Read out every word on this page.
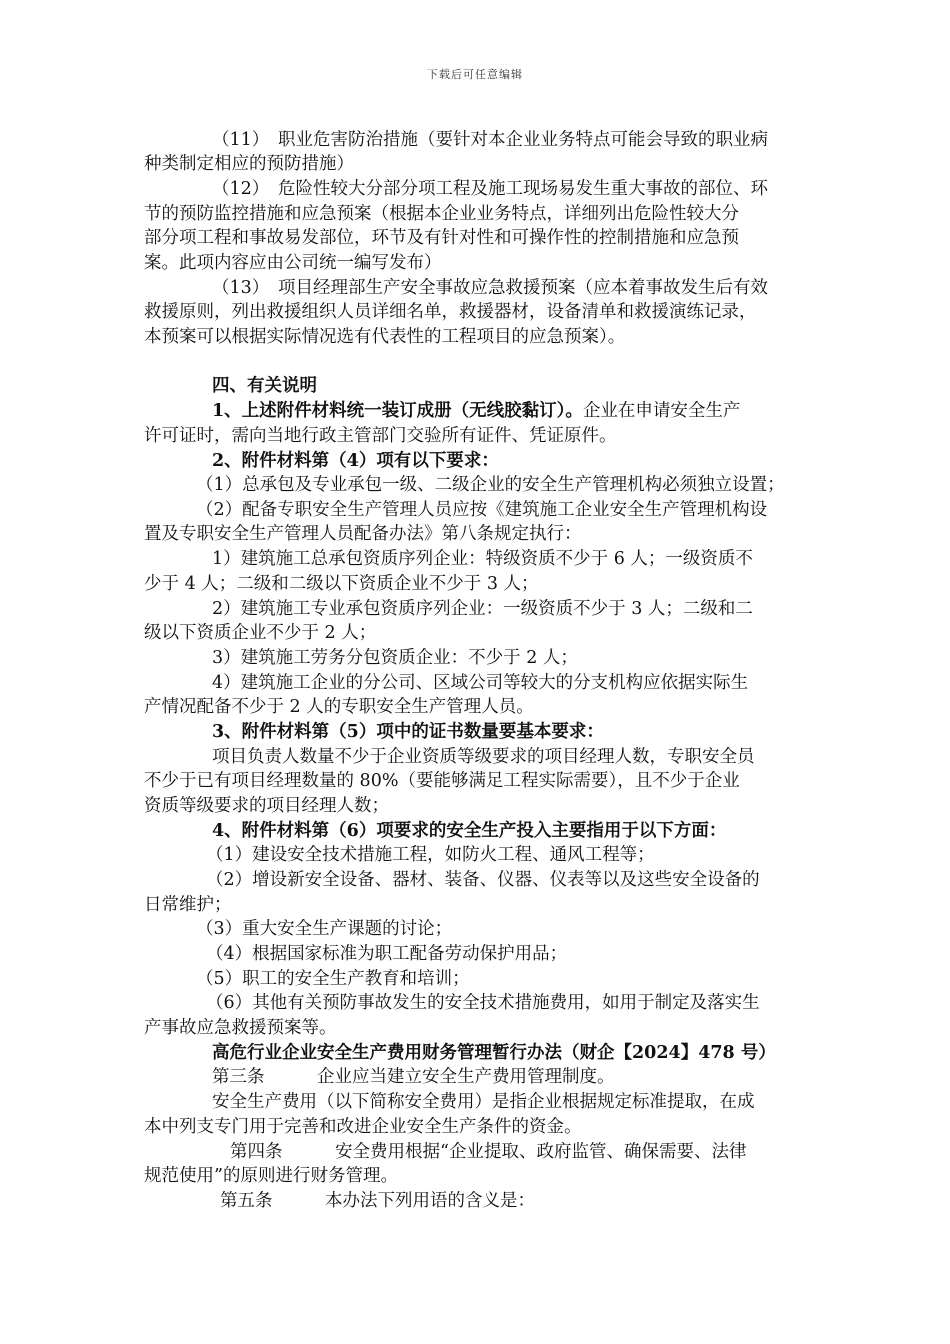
下载后可任意编辑
（11）　职业危害防治措施（要针对本企业业务特点可能会导致的职业病
种类制定相应的预防措施）
（12）　危险性较大分部分项工程及施工现场易发生重大事故的部位、环
节的预防监控措施和应急预案（根据本企业业务特点，详细列出危险性较大分
部分项工程和事故易发部位，环节及有针对性和可操作性的控制措施和应急预
案。此项内容应由公司统一编写发布）
（13）　项目经理部生产安全事故应急救援预案（应本着事故发生后有效
救援原则，列出救援组织人员详细名单，救援器材，设备清单和救援演练记录，
本预案可以根据实际情况选有代表性的工程项目的应急预案）。
四、有关说明
1、上述附件材料统一装订成册（无线胶黏订）。企业在申请安全生产
许可证时，需向当地行政主管部门交验所有证件、凭证原件。
2、附件材料第（4）项有以下要求：
（1）总承包及专业承包一级、二级企业的安全生产管理机构必须独立设置；
（2）配备专职安全生产管理人员应按《建筑施工企业安全生产管理机构设
置及专职安全生产管理人员配备办法》第八条规定执行：
1）建筑施工总承包资质序列企业：特级资质不少于 6 人；一级资质不
少于 4 人；二级和二级以下资质企业不少于 3 人；
2）建筑施工专业承包资质序列企业：一级资质不少于 3 人；二级和二
级以下资质企业不少于 2 人；
3）建筑施工劳务分包资质企业：不少于 2 人；
4）建筑施工企业的分公司、区域公司等较大的分支机构应依据实际生
产情况配备不少于 2 人的专职安全生产管理人员。
3、附件材料第（5）项中的证书数量要基本要求：
项目负责人数量不少于企业资质等级要求的项目经理人数，专职安全员
不少于已有项目经理数量的 80%（要能够满足工程实际需要），且不少于企业
资质等级要求的项目经理人数；
4、附件材料第（6）项要求的安全生产投入主要指用于以下方面：
（1）建设安全技术措施工程，如防火工程、通风工程等；
（2）增设新安全设备、器材、装备、仪器、仪表等以及这些安全设备的
日常维护；
（3）重大安全生产课题的讨论；
（4）根据国家标准为职工配备劳动保护用品；
（5）职工的安全生产教育和培训；
（6）其他有关预防事故发生的安全技术措施费用，如用于制定及落实生
产事故应急救援预案等。
高危行业企业安全生产费用财务管理暂行办法（财企【2024】478 号）
第三条　　　企业应当建立安全生产费用管理制度。
安全生产费用（以下简称安全费用）是指企业根据规定标准提取，在成
本中列支专门用于完善和改进企业安全生产条件的资金。
第四条　　　安全费用根据“企业提取、政府监管、确保需要、法律
规范使用”的原则进行财务管理。
第五条　　　本办法下列用语的含义是：
